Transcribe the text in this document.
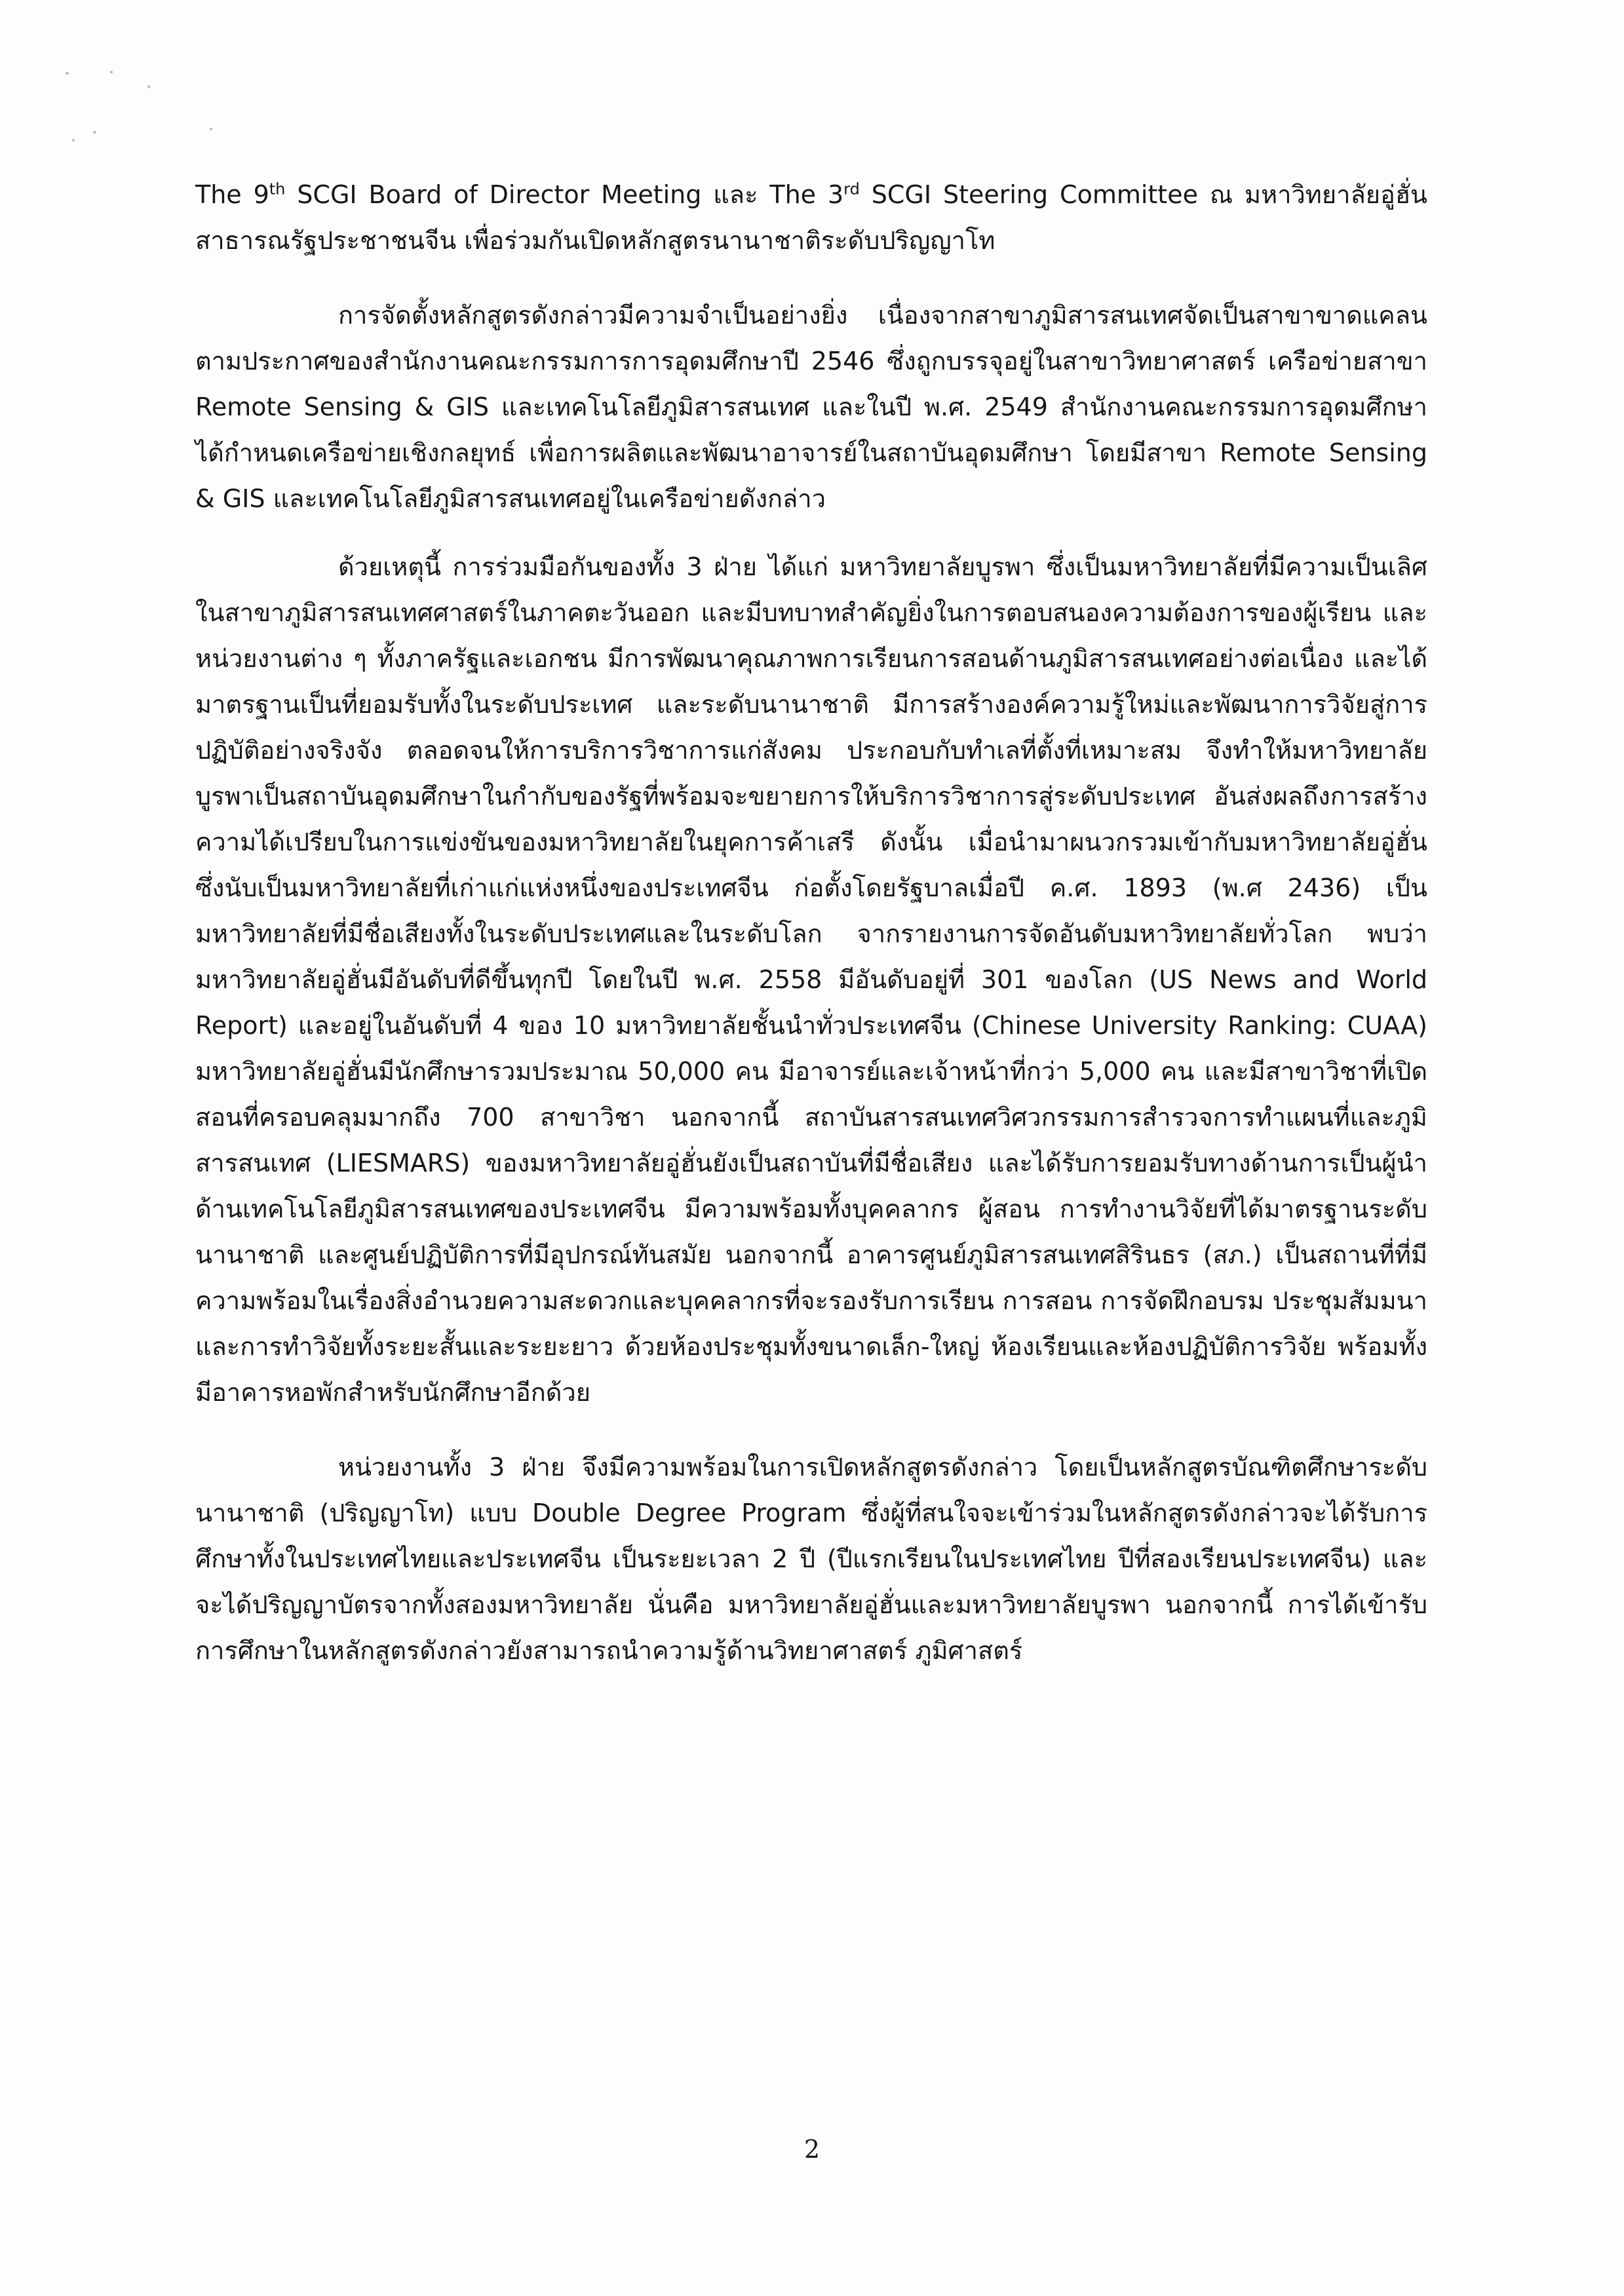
The 9th SCGI Board of Director Meeting และ The 3rd SCGI Steering Committee ณ มหาวิทยาลัยอู่ฮั่น สาธารณรัฐประชาชนจีน เพื่อร่วมกันเปิดหลักสูตรนานาชาติระดับปริญญาโท

การจัดตั้งหลักสูตรดังกล่าวมีความจำเป็นอย่างยิ่ง เนื่องจากสาขาภูมิสารสนเทศจัดเป็นสาขาขาดแคลน ตามประกาศของสำนักงานคณะกรรมการการอุดมศึกษาปี 2546 ซึ่งถูกบรรจุอยู่ในสาขาวิทยาศาสตร์ เครือข่ายสาขา Remote Sensing & GIS และเทคโนโลยีภูมิสารสนเทศ และในปี พ.ศ. 2549 สำนักงานคณะกรรมการอุดมศึกษา ได้กำหนดเครือข่ายเชิงกลยุทธ์ เพื่อการผลิตและพัฒนาอาจารย์ในสถาบันอุดมศึกษา โดยมีสาขา Remote Sensing & GIS และเทคโนโลยีภูมิสารสนเทศอยู่ในเครือข่ายดังกล่าว

ด้วยเหตุนี้ การร่วมมือกันของทั้ง 3 ฝ่าย ได้แก่ มหาวิทยาลัยบูรพา ซึ่งเป็นมหาวิทยาลัยที่มีความเป็นเลิศในสาขาภูมิสารสนเทศศาสตร์ในภาคตะวันออก และมีบทบาทสำคัญยิ่งในการตอบสนองความต้องการของผู้เรียน และหน่วยงานต่าง ๆ ทั้งภาครัฐและเอกชน มีการพัฒนาคุณภาพการเรียนการสอนด้านภูมิสารสนเทศอย่างต่อเนื่อง และได้มาตรฐานเป็นที่ยอมรับทั้งในระดับประเทศ และระดับนานาชาติ มีการสร้างองค์ความรู้ใหม่และพัฒนาการวิจัยสู่การปฏิบัติอย่างจริงจัง ตลอดจนให้การบริการวิชาการแก่สังคม ประกอบกับทำเลที่ตั้งที่เหมาะสม จึงทำให้มหาวิทยาลัยบูรพาเป็นสถาบันอุดมศึกษาในกำกับของรัฐที่พร้อมจะขยายการให้บริการวิชาการสู่ระดับประเทศ อันส่งผลถึงการสร้างความได้เปรียบในการแข่งขันของมหาวิทยาลัยในยุคการค้าเสรี ดังนั้น เมื่อนำมาผนวกรวมเข้ากับมหาวิทยาลัยอู่ฮั่น ซึ่งนับเป็นมหาวิทยาลัยที่เก่าแก่แห่งหนึ่งของประเทศจีน ก่อตั้งโดยรัฐบาลเมื่อปี ค.ศ. 1893 (พ.ศ 2436) เป็นมหาวิทยาลัยที่มีชื่อเสียงทั้งในระดับประเทศและในระดับโลก จากรายงานการจัดอันดับมหาวิทยาลัยทั่วโลก พบว่ามหาวิทยาลัยอู่ฮั่นมีอันดับที่ดีขึ้นทุกปี โดยในปี พ.ศ. 2558 มีอันดับอยู่ที่ 301 ของโลก (US News and World Report) และอยู่ในอันดับที่ 4 ของ 10 มหาวิทยาลัยชั้นนำทั่วประเทศจีน (Chinese University Ranking: CUAA) มหาวิทยาลัยอู่ฮั่นมีนักศึกษารวมประมาณ 50,000 คน มีอาจารย์และเจ้าหน้าที่กว่า 5,000 คน และมีสาขาวิชาที่เปิดสอนที่ครอบคลุมมากถึง 700 สาขาวิชา นอกจากนี้ สถาบันสารสนเทศวิศวกรรมการสำรวจการทำแผนที่และภูมิสารสนเทศ (LIESMARS) ของมหาวิทยาลัยอู่ฮั่นยังเป็นสถาบันที่มีชื่อเสียง และได้รับการยอมรับทางด้านการเป็นผู้นำด้านเทคโนโลยีภูมิสารสนเทศของประเทศจีน มีความพร้อมทั้งบุคคลากร ผู้สอน การทำงานวิจัยที่ได้มาตรฐานระดับนานาชาติ และศูนย์ปฏิบัติการที่มีอุปกรณ์ทันสมัย นอกจากนี้ อาคารศูนย์ภูมิสารสนเทศสิรินธร (สภ.) เป็นสถานที่ที่มีความพร้อมในเรื่องสิ่งอำนวยความสะดวกและบุคคลากรที่จะรองรับการเรียน การสอน การจัดฝึกอบรม ประชุมสัมมนา และการทำวิจัยทั้งระยะสั้นและระยะยาว ด้วยห้องประชุมทั้งขนาดเล็ก-ใหญ่ ห้องเรียนและห้องปฏิบัติการวิจัย พร้อมทั้งมีอาคารหอพักสำหรับนักศึกษาอีกด้วย

หน่วยงานทั้ง 3 ฝ่าย จึงมีความพร้อมในการเปิดหลักสูตรดังกล่าว โดยเป็นหลักสูตรบัณฑิตศึกษาระดับนานาชาติ (ปริญญาโท) แบบ Double Degree Program ซึ่งผู้ที่สนใจจะเข้าร่วมในหลักสูตรดังกล่าวจะได้รับการศึกษาทั้งในประเทศไทยและประเทศจีน เป็นระยะเวลา 2 ปี (ปีแรกเรียนในประเทศไทย ปีที่สองเรียนประเทศจีน) และจะได้ปริญญาบัตรจากทั้งสองมหาวิทยาลัย นั่นคือ มหาวิทยาลัยอู่ฮั่นและมหาวิทยาลัยบูรพา นอกจากนี้ การได้เข้ารับการศึกษาในหลักสูตรดังกล่าวยังสามารถนำความรู้ด้านวิทยาศาสตร์ ภูมิศาสตร์

2
